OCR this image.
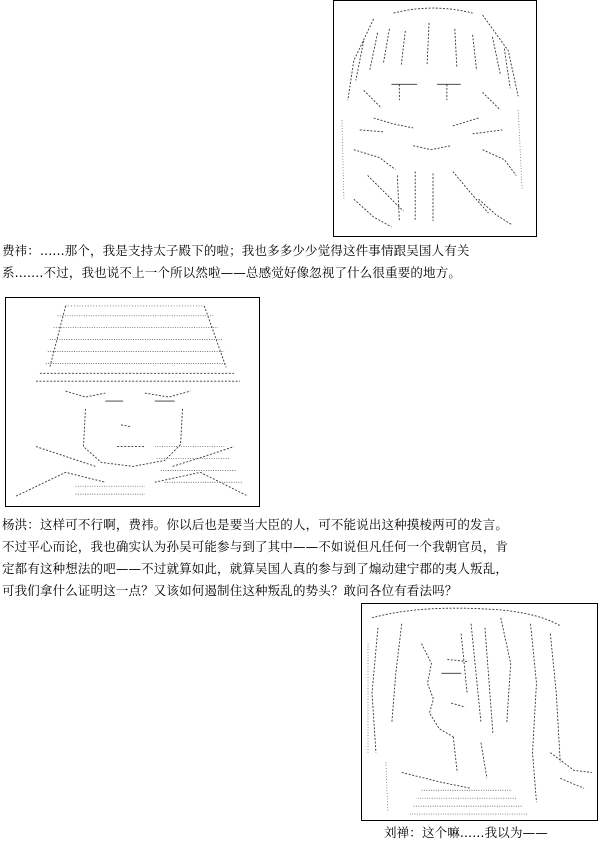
费祎：......那个，我是支持太子殿下的啦；我也多多少少觉得这件事情跟吴国人有关
系.......不过，我也说不上一个所以然啦——总感觉好像忽视了什么很重要的地方。
杨洪：这样可不行啊，费祎。你以后也是要当大臣的人，可不能说出这种摸棱两可的发言。
不过平心而论，我也确实认为孙吴可能参与到了其中——不如说但凡任何一个我朝官员，肯
定都有这种想法的吧——不过就算如此，就算吴国人真的参与到了煽动建宁郡的夷人叛乱，
可我们拿什么证明这一点？又该如何遏制住这种叛乱的势头？敢问各位有看法吗？
刘禅：这个嘛......我以为——
